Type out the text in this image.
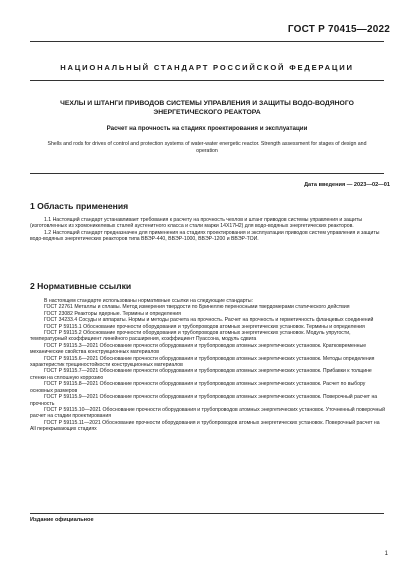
ГОСТ Р 70415—2022
НАЦИОНАЛЬНЫЙ СТАНДАРТ РОССИЙСКОЙ ФЕДЕРАЦИИ
ЧЕХЛЫ И ШТАНГИ ПРИВОДОВ СИСТЕМЫ УПРАВЛЕНИЯ И ЗАЩИТЫ ВОДО-ВОДЯНОГО ЭНЕРГЕТИЧЕСКОГО РЕАКТОРА
Расчет на прочность на стадиях проектирования и эксплуатации
Shells and rods for drives of control and protection systems of water-water energetic reactor. Strength assessment for stages of design and operation
Дата введения — 2023—02—01
1 Область применения

1.1 Настоящий стандарт устанавливает требования к расчету на прочность чехлов и штанг приводов системы управления и защиты (изготовленных из хромоникелевых сталей аустенитного класса и стали марки 14Х17Н2) для водо-водяных энергетических реакторов.

1.2 Настоящий стандарт предназначен для применения на стадиях проектирования и эксплуатации приводов систем управления и защиты водо-водяных энергетических реакторов типа ВВЭР-440, ВВЭР-1000, ВВЭР-1200 и ВВЭР-ТОИ.

2 Нормативные ссылки

В настоящем стандарте использованы нормативные ссылки на следующие стандарты:

ГОСТ 22761 Металлы и сплавы. Метод измерения твердости по Бринеллю переносными твердомерами статического действия

ГОСТ 23082 Реакторы ядерные. Термины и определения

ГОСТ 34233.4 Сосуды и аппараты. Нормы и методы расчета на прочность. Расчет на прочность и герметичность фланцевых соединений

ГОСТ Р 59115.1 Обоснование прочности оборудования и трубопроводов атомных энергетических установок. Термины и определения

ГОСТ Р 59115.2 Обоснование прочности оборудования и трубопроводов атомных энергетических установок. Модуль упругости, температурный коэффициент линейного расширения, коэффициент Пуассона, модуль сдвига

ГОСТ Р 59115.3—2021 Обоснование прочности оборудования и трубопроводов атомных энергетических установок. Кратковременные механические свойства конструкционных материалов

ГОСТ Р 59115.6—2021 Обоснование прочности оборудования и трубопроводов атомных энергетических установок. Методы определения характеристик трещиностойкости конструкционных материалов

ГОСТ Р 59115.7—2021 Обоснование прочности оборудования и трубопроводов атомных энергетических установок. Прибавки к толщине стенки на сплошную коррозию

ГОСТ Р 59115.8—2021 Обоснование прочности оборудования и трубопроводов атомных энергетических установок. Расчет по выбору основных размеров

ГОСТ Р 59115.9—2021 Обоснование прочности оборудования и трубопроводов атомных энергетических установок. Поверочный расчет на прочность

ГОСТ Р 59115.10—2021 Обоснование прочности оборудования и трубопроводов атомных энергетических установок. Уточненный поверочный расчет на стадии проектирования

ГОСТ Р 59115.11—2021 Обоснование прочности оборудования и трубопроводов атомных энергетических установок. Поверочный расчет на All перекрывающих стадиях

Издание официальное
1
